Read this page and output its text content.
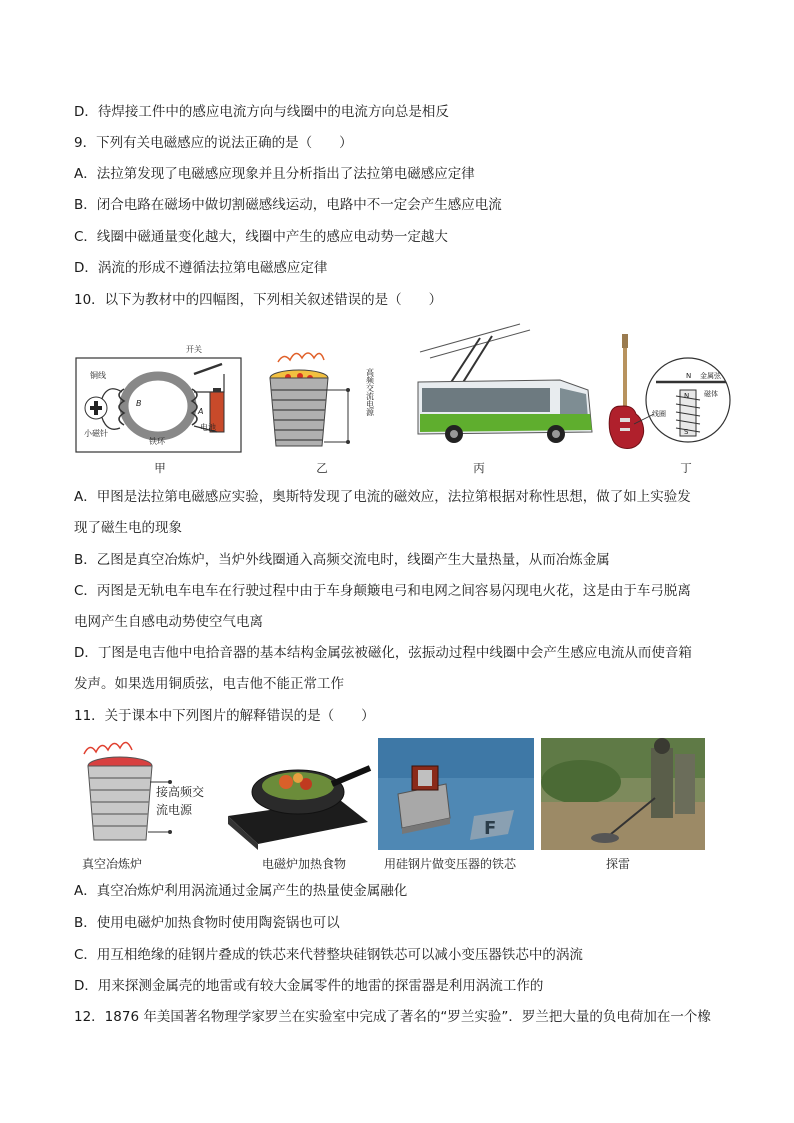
D．待焊接工件中的感应电流方向与线圈中的电流方向总是相反
9．下列有关电磁感应的说法正确的是（　　）
A．法拉第发现了电磁感应现象并且分析指出了法拉第电磁感应定律
B．闭合电路在磁场中做切割磁感线运动，电路中不一定会产生感应电流
C．线圈中磁通量变化越大，线圈中产生的感应电动势一定越大
D．涡流的形成不遵循法拉第电磁感应定律
10．以下为教材中的四幅图，下列相关叙述错误的是（　　）
开关
铜线
小磁针
铁环
电池
B
A
甲
高频交流电源
乙	丙
N 金属弦
N
S
磁体
线圈
丁
A．甲图是法拉第电磁感应实验，奥斯特发现了电流的磁效应，法拉第根据对称性思想，做了如上实验发
现了磁生电的现象
B．乙图是真空冶炼炉，当炉外线圈通入高频交流电时，线圈产生大量热量，从而冶炼金属
C．丙图是无轨电车电车在行驶过程中由于车身颠簸电弓和电网之间容易闪现电火花，这是由于车弓脱离
电网产生自感电动势使空气电离
D．丁图是电吉他中电拾音器的基本结构金属弦被磁化，弦振动过程中线圈中会产生感应电流从而使音箱
发声。如果选用铜质弦，电吉他不能正常工作
11．关于课本中下列图片的解释错误的是（　　）
接高频交
流电源
真空冶炼炉	电磁炉加热食物
F
用硅钢片做变压器的铁芯	探雷
A．真空冶炼炉利用涡流通过金属产生的热量使金属融化
B．使用电磁炉加热食物时使用陶瓷锅也可以
C．用互相绝缘的硅钢片叠成的铁芯来代替整块硅钢铁芯可以减小变压器铁芯中的涡流
D．用来探测金属壳的地雷或有较大金属零件的地雷的探雷器是利用涡流工作的
12．1876 年美国著名物理学家罗兰在实验室中完成了著名的“罗兰实验”．罗兰把大量的负电荷加在一个橡
